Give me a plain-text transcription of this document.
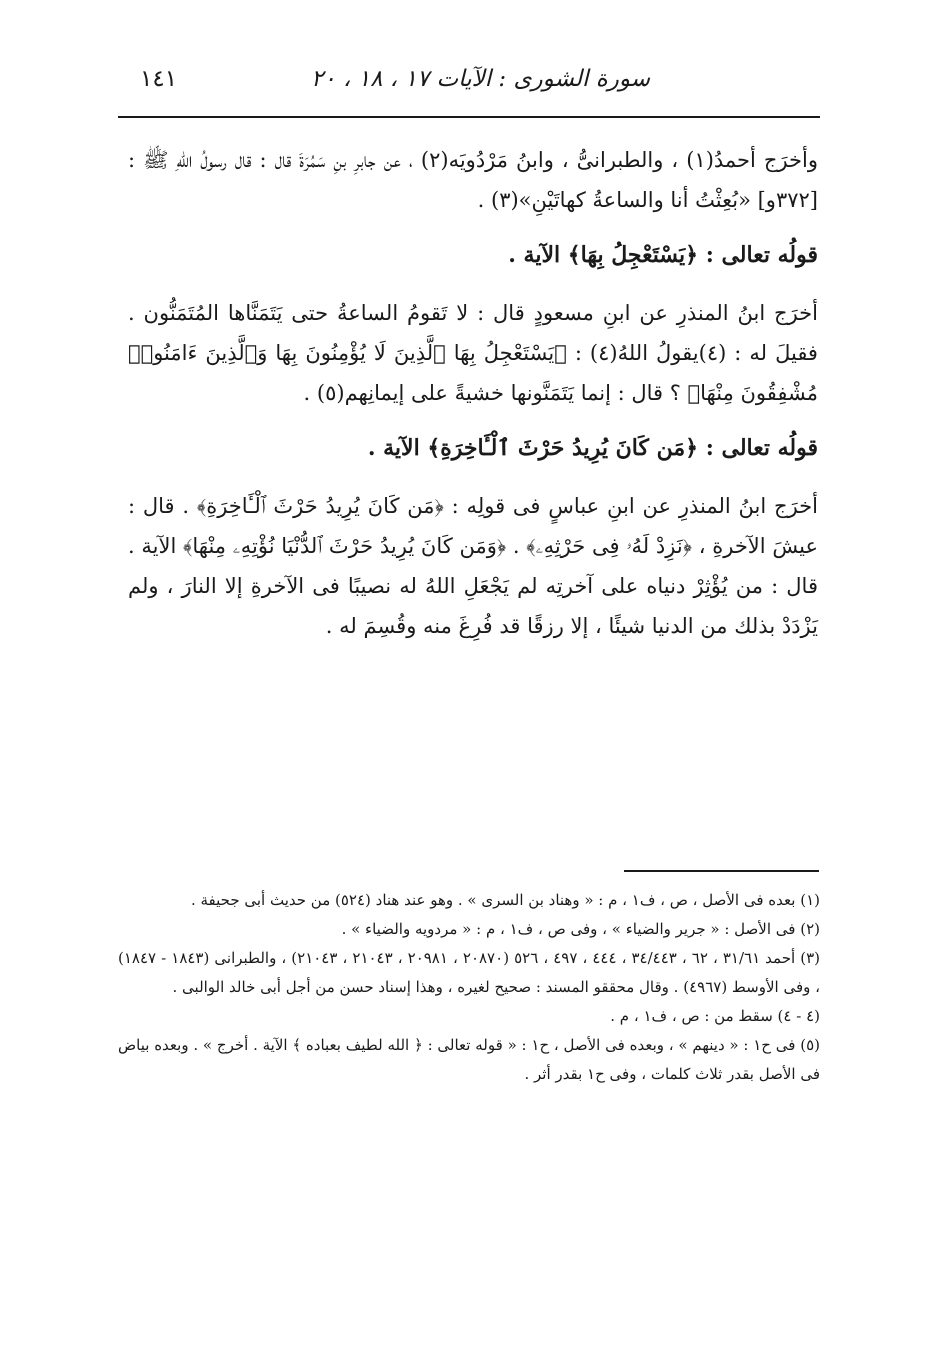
سورة الشورى : الآيات ١٧ ، ١٨ ، ٢٠
١٤١

وأخرَج أحمدُ(١) ، والطبرانىُّ ، وابنُ مَرْدُويَه(٢) ، عن جابرِ بنِ سَمُرَةَ قال : قال رسولُ اللهِ ﷺ : [٣٧٢و] «بُعِثْتُ أنا والساعةُ كهاتَيْنِ»(٣) .

قولُه تعالى : ﴿يَسْتَعْجِلُ بِهَا﴾ الآية .

أخرَج ابنُ المنذرِ عن ابنِ مسعودٍ قال : لا تَقومُ الساعةُ حتى يَتَمَنَّاها المُتَمَنُّون . فقيلَ له : (٤)يقولُ اللهُ(٤) : ﴿يَسْتَعْجِلُ بِهَا ٱلَّذِينَ لَا يُؤْمِنُونَ بِهَا وَٱلَّذِينَ ءَامَنُوا۟ مُشْفِقُونَ مِنْهَا﴾ ؟ قال : إنما يَتَمَنَّونها خشيةً على إيمانِهم(٥) .

قولُه تعالى : ﴿مَن كَانَ يُرِيدُ حَرْثَ ٱلْـَٔاخِرَةِ﴾ الآية .

أخرَج ابنُ المنذرِ عن ابنِ عباسٍ فى قولِه : ﴿مَن كَانَ يُرِيدُ حَرْثَ ٱلْـَٔاخِرَةِ﴾ . قال : عيشَ الآخرةِ ، ﴿نَزِدْ لَهُۥ فِى حَرْثِهِۦ﴾ . ﴿وَمَن كَانَ يُرِيدُ حَرْثَ ٱلدُّنْيَا نُؤْتِهِۦ مِنْهَا﴾ الآية . قال : من يُؤْثِرْ دنياه على آخرتِه لم يَجْعَلِ اللهُ له نصيبًا فى الآخرةِ إلا النارَ ، ولم يَزْدَدْ بذلك من الدنيا شيئًا ، إلا رزقًا قد فُرِغَ منه وقُسِمَ له .

(١) بعده فى الأصل ، ص ، ف١ ، م : « وهناد بن السرى » . وهو عند هناد (٥٢٤) من حديث أبى جحيفة .

(٢) فى الأصل : « جرير والضياء » ، وفى ص ، ف١ ، م : « مردويه والضياء » .

(٣) أحمد ٣١/٦١ ، ٦٢ ، ٣٤/٤٤٣ ، ٤٤٤ ، ٤٩٧ ، ٥٢٦ (٢٠٨٧٠ ، ٢٠٩٨١ ، ٢١٠٤٣ ، ٢١٠٤٣) ، والطبرانى (١٨٤٣ - ١٨٤٧) ، وفى الأوسط (٤٩٦٧) . وقال محققو المسند : صحيح لغيره ، وهذا إسناد حسن من أجل أبى خالد الوالبى .

(٤ - ٤) سقط من : ص ، ف١ ، م .

(٥) فى ح١ : « دينهم » ، وبعده فى الأصل ، ح١ : « قوله تعالى : ﴿ الله لطيف بعباده ﴾ الآية . أخرج » . وبعده بياض فى الأصل بقدر ثلاث كلمات ، وفى ح١ بقدر أثر .
